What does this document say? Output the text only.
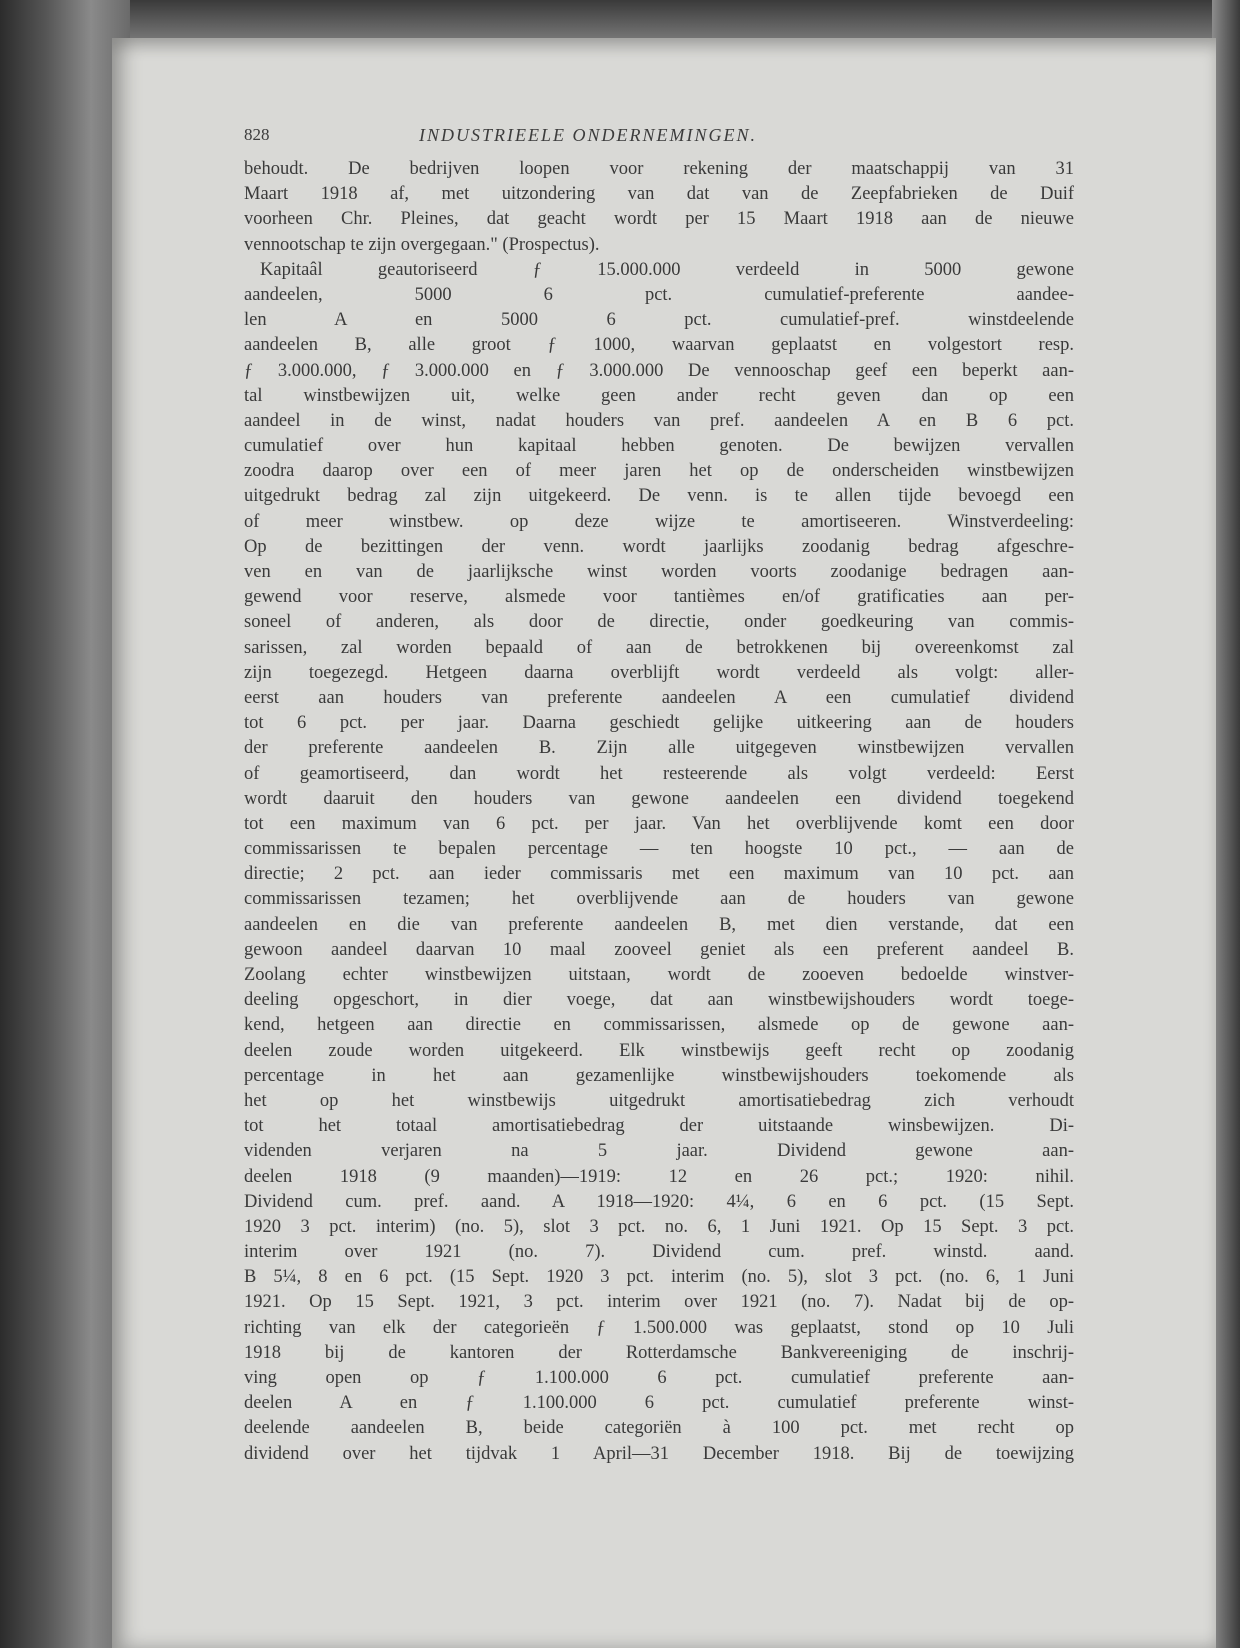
828	INDUSTRIEELE ONDERNEMINGEN.
behoudt. De bedrijven loopen voor rekening der maatschappij van 31
Maart 1918 af, met uitzondering van dat van de Zeepfabrieken de Duif
voorheen Chr. Pleines, dat geacht wordt per 15 Maart 1918 aan de nieuwe
vennootschap te zijn overgegaan." (Prospectus).
Kapitaâl geautoriseerd ƒ 15.000.000 verdeeld in 5000 gewone
aandeelen, 5000 6 pct. cumulatief-preferente aandee-
len A en 5000 6 pct. cumulatief-pref. winstdeelende
aandeelen B, alle groot ƒ 1000, waarvan geplaatst en volgestort resp.
ƒ 3.000.000, ƒ 3.000.000 en ƒ 3.000.000 De vennooschap geef een beperkt aan-
tal winstbewijzen uit, welke geen ander recht geven dan op een
aandeel in de winst, nadat houders van pref. aandeelen A en B 6 pct.
cumulatief over hun kapitaal hebben genoten. De bewijzen vervallen
zoodra daarop over een of meer jaren het op de onderscheiden winstbewijzen
uitgedrukt bedrag zal zijn uitgekeerd. De venn. is te allen tijde bevoegd een
of meer winstbew. op deze wijze te amortiseeren. Winstverdeeling:
Op de bezittingen der venn. wordt jaarlijks zoodanig bedrag afgeschre-
ven en van de jaarlijksche winst worden voorts zoodanige bedragen aan-
gewend voor reserve, alsmede voor tantièmes en/of gratificaties aan per-
soneel of anderen, als door de directie, onder goedkeuring van commis-
sarissen, zal worden bepaald of aan de betrokkenen bij overeenkomst zal
zijn toegezegd. Hetgeen daarna overblijft wordt verdeeld als volgt: aller-
eerst aan houders van preferente aandeelen A een cumulatief dividend
tot 6 pct. per jaar. Daarna geschiedt gelijke uitkeering aan de houders
der preferente aandeelen B. Zijn alle uitgegeven winstbewijzen vervallen
of geamortiseerd, dan wordt het resteerende als volgt verdeeld: Eerst
wordt daaruit den houders van gewone aandeelen een dividend toegekend
tot een maximum van 6 pct. per jaar. Van het overblijvende komt een door
commissarissen te bepalen percentage — ten hoogste 10 pct., — aan de
directie; 2 pct. aan ieder commissaris met een maximum van 10 pct. aan
commissarissen tezamen; het overblijvende aan de houders van gewone
aandeelen en die van preferente aandeelen B, met dien verstande, dat een
gewoon aandeel daarvan 10 maal zooveel geniet als een preferent aandeel B.
Zoolang echter winstbewijzen uitstaan, wordt de zooeven bedoelde winstver-
deeling opgeschort, in dier voege, dat aan winstbewijshouders wordt toege-
kend, hetgeen aan directie en commissarissen, alsmede op de gewone aan-
deelen zoude worden uitgekeerd. Elk winstbewijs geeft recht op zoodanig
percentage in het aan gezamenlijke winstbewijshouders toekomende als
het op het winstbewijs uitgedrukt amortisatiebedrag zich verhoudt
tot het totaal amortisatiebedrag der uitstaande winsbewijzen. Di-
videnden verjaren na 5 jaar. Dividend gewone aan-
deelen 1918 (9 maanden)—1919: 12 en 26 pct.; 1920: nihil.
Dividend cum. pref. aand. A 1918—1920: 4¼, 6 en 6 pct. (15 Sept.
1920 3 pct. interim) (no. 5), slot 3 pct. no. 6, 1 Juni 1921. Op 15 Sept. 3 pct.
interim over 1921 (no. 7). Dividend cum. pref. winstd. aand.
B 5¼, 8 en 6 pct. (15 Sept. 1920 3 pct. interim (no. 5), slot 3 pct. (no. 6, 1 Juni
1921. Op 15 Sept. 1921, 3 pct. interim over 1921 (no. 7). Nadat bij de op-
richting van elk der categorieën ƒ 1.500.000 was geplaatst, stond op 10 Juli
1918 bij de kantoren der Rotterdamsche Bankvereeniging de inschrij-
ving open op ƒ 1.100.000 6 pct. cumulatief preferente aan-
deelen A en ƒ 1.100.000 6 pct. cumulatief preferente winst-
deelende aandeelen B, beide categoriën à 100 pct. met recht op
dividend over het tijdvak 1 April—31 December 1918. Bij de toewijzing
